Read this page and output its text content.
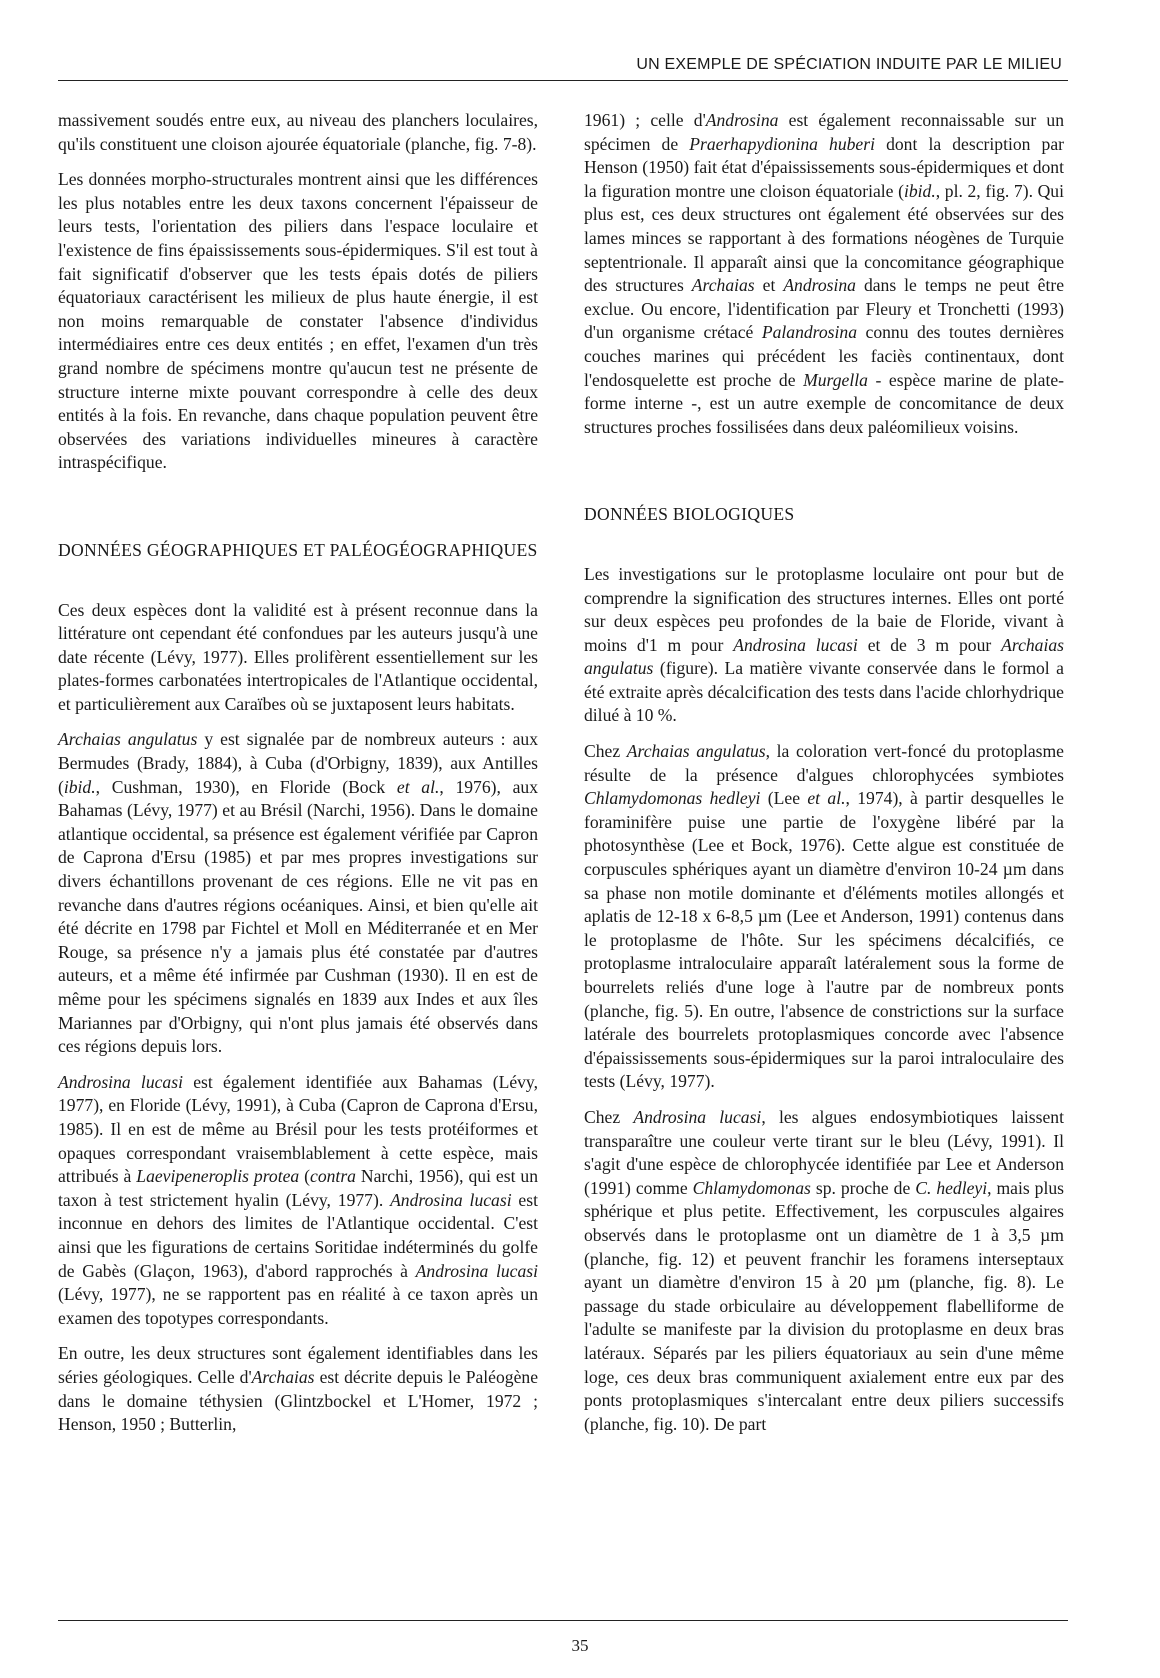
UN EXEMPLE DE SPÉCIATION INDUITE PAR LE MILIEU

massivement soudés entre eux, au niveau des planchers loculaires, qu'ils constituent une cloison ajourée équatoriale (planche, fig. 7-8).

Les données morpho-structurales montrent ainsi que les différences les plus notables entre les deux taxons concernent l'épaisseur de leurs tests, l'orientation des piliers dans l'espace loculaire et l'existence de fins épaississements sous-épidermiques. S'il est tout à fait significatif d'observer que les tests épais dotés de piliers équatoriaux caractérisent les milieux de plus haute énergie, il est non moins remarquable de constater l'absence d'individus intermédiaires entre ces deux entités ; en effet, l'examen d'un très grand nombre de spécimens montre qu'aucun test ne présente de structure interne mixte pouvant correspondre à celle des deux entités à la fois. En revanche, dans chaque population peuvent être observées des variations individuelles mineures à caractère intraspécifique.

DONNÉES GÉOGRAPHIQUES ET PALÉOGÉOGRAPHIQUES

Ces deux espèces dont la validité est à présent reconnue dans la littérature ont cependant été confondues par les auteurs jusqu'à une date récente (Lévy, 1977). Elles prolifèrent essentiellement sur les plates-formes carbonatées intertropicales de l'Atlantique occidental, et particulièrement aux Caraïbes où se juxtaposent leurs habitats.

Archaias angulatus y est signalée par de nombreux auteurs : aux Bermudes (Brady, 1884), à Cuba (d'Orbigny, 1839), aux Antilles (ibid., Cushman, 1930), en Floride (Bock et al., 1976), aux Bahamas (Lévy, 1977) et au Brésil (Narchi, 1956). Dans le domaine atlantique occidental, sa présence est également vérifiée par Capron de Caprona d'Ersu (1985) et par mes propres investigations sur divers échantillons provenant de ces régions. Elle ne vit pas en revanche dans d'autres régions océaniques. Ainsi, et bien qu'elle ait été décrite en 1798 par Fichtel et Moll en Méditerranée et en Mer Rouge, sa présence n'y a jamais plus été constatée par d'autres auteurs, et a même été infirmée par Cushman (1930). Il en est de même pour les spécimens signalés en 1839 aux Indes et aux îles Mariannes par d'Orbigny, qui n'ont plus jamais été observés dans ces régions depuis lors.

Androsina lucasi est également identifiée aux Bahamas (Lévy, 1977), en Floride (Lévy, 1991), à Cuba (Capron de Caprona d'Ersu, 1985). Il en est de même au Brésil pour les tests protéiformes et opaques correspondant vraisemblablement à cette espèce, mais attribués à Laevipeneroplis protea (contra Narchi, 1956), qui est un taxon à test strictement hyalin (Lévy, 1977). Androsina lucasi est inconnue en dehors des limites de l'Atlantique occidental. C'est ainsi que les figurations de certains Soritidae indéterminés du golfe de Gabès (Glaçon, 1963), d'abord rapprochés à Androsina lucasi (Lévy, 1977), ne se rapportent pas en réalité à ce taxon après un examen des topotypes correspondants.

En outre, les deux structures sont également identifiables dans les séries géologiques. Celle d'Archaias est décrite depuis le Paléogène dans le domaine téthysien (Glintzbockel et L'Homer, 1972 ; Henson, 1950 ; Butterlin,

1961) ; celle d'Androsina est également reconnaissable sur un spécimen de Praerhapydionina huberi dont la description par Henson (1950) fait état d'épaississements sous-épidermiques et dont la figuration montre une cloison équatoriale (ibid., pl. 2, fig. 7). Qui plus est, ces deux structures ont également été observées sur des lames minces se rapportant à des formations néogènes de Turquie septentrionale. Il apparaît ainsi que la concomitance géographique des structures Archaias et Androsina dans le temps ne peut être exclue. Ou encore, l'identification par Fleury et Tronchetti (1993) d'un organisme crétacé Palandrosina connu des toutes dernières couches marines qui précédent les faciès continentaux, dont l'endosquelette est proche de Murgella - espèce marine de plate-forme interne -, est un autre exemple de concomitance de deux structures proches fossilisées dans deux paléomilieux voisins.

DONNÉES BIOLOGIQUES

Les investigations sur le protoplasme loculaire ont pour but de comprendre la signification des structures internes. Elles ont porté sur deux espèces peu profondes de la baie de Floride, vivant à moins d'1 m pour Androsina lucasi et de 3 m pour Archaias angulatus (figure). La matière vivante conservée dans le formol a été extraite après décalcification des tests dans l'acide chlorhydrique dilué à 10 %.

Chez Archaias angulatus, la coloration vert-foncé du protoplasme résulte de la présence d'algues chlorophycées symbiotes Chlamydomonas hedleyi (Lee et al., 1974), à partir desquelles le foraminifère puise une partie de l'oxygène libéré par la photosynthèse (Lee et Bock, 1976). Cette algue est constituée de corpuscules sphériques ayant un diamètre d'environ 10-24 µm dans sa phase non motile dominante et d'éléments motiles allongés et aplatis de 12-18 x 6-8,5 µm (Lee et Anderson, 1991) contenus dans le protoplasme de l'hôte. Sur les spécimens décalcifiés, ce protoplasme intraloculaire apparaît latéralement sous la forme de bourrelets reliés d'une loge à l'autre par de nombreux ponts (planche, fig. 5). En outre, l'absence de constrictions sur la surface latérale des bourrelets protoplasmiques concorde avec l'absence d'épaississements sous-épidermiques sur la paroi intraloculaire des tests (Lévy, 1977).

Chez Androsina lucasi, les algues endosymbiotiques laissent transparaître une couleur verte tirant sur le bleu (Lévy, 1991). Il s'agit d'une espèce de chlorophycée identifiée par Lee et Anderson (1991) comme Chlamydomonas sp. proche de C. hedleyi, mais plus sphérique et plus petite. Effectivement, les corpuscules algaires observés dans le protoplasme ont un diamètre de 1 à 3,5 µm (planche, fig. 12) et peuvent franchir les foramens interseptaux ayant un diamètre d'environ 15 à 20 µm (planche, fig. 8). Le passage du stade orbiculaire au développement flabelliforme de l'adulte se manifeste par la division du protoplasme en deux bras latéraux. Séparés par les piliers équatoriaux au sein d'une même loge, ces deux bras communiquent axialement entre eux par des ponts protoplasmiques s'intercalant entre deux piliers successifs (planche, fig. 10). De part

35
